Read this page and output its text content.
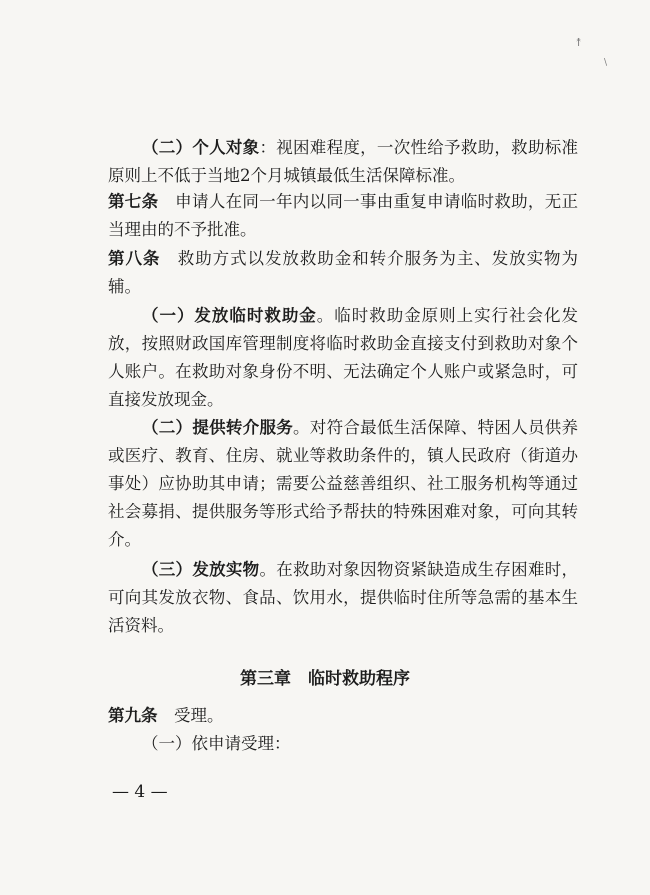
↟
\

（二）个人对象：视困难程度，一次性给予救助，救助标准原则上不低于当地2个月城镇最低生活保障标准。

第七条　申请人在同一年内以同一事由重复申请临时救助，无正当理由的不予批准。

第八条　救助方式以发放救助金和转介服务为主、发放实物为辅。

（一）发放临时救助金。临时救助金原则上实行社会化发放，按照财政国库管理制度将临时救助金直接支付到救助对象个人账户。在救助对象身份不明、无法确定个人账户或紧急时，可直接发放现金。

（二）提供转介服务。对符合最低生活保障、特困人员供养或医疗、教育、住房、就业等救助条件的，镇人民政府（街道办事处）应协助其申请；需要公益慈善组织、社工服务机构等通过社会募捐、提供服务等形式给予帮扶的特殊困难对象，可向其转介。

（三）发放实物。在救助对象因物资紧缺造成生存困难时，可向其发放衣物、食品、饮用水，提供临时住所等急需的基本生活资料。

第三章　临时救助程序

第九条　受理。

（一）依申请受理：

— 4 —
